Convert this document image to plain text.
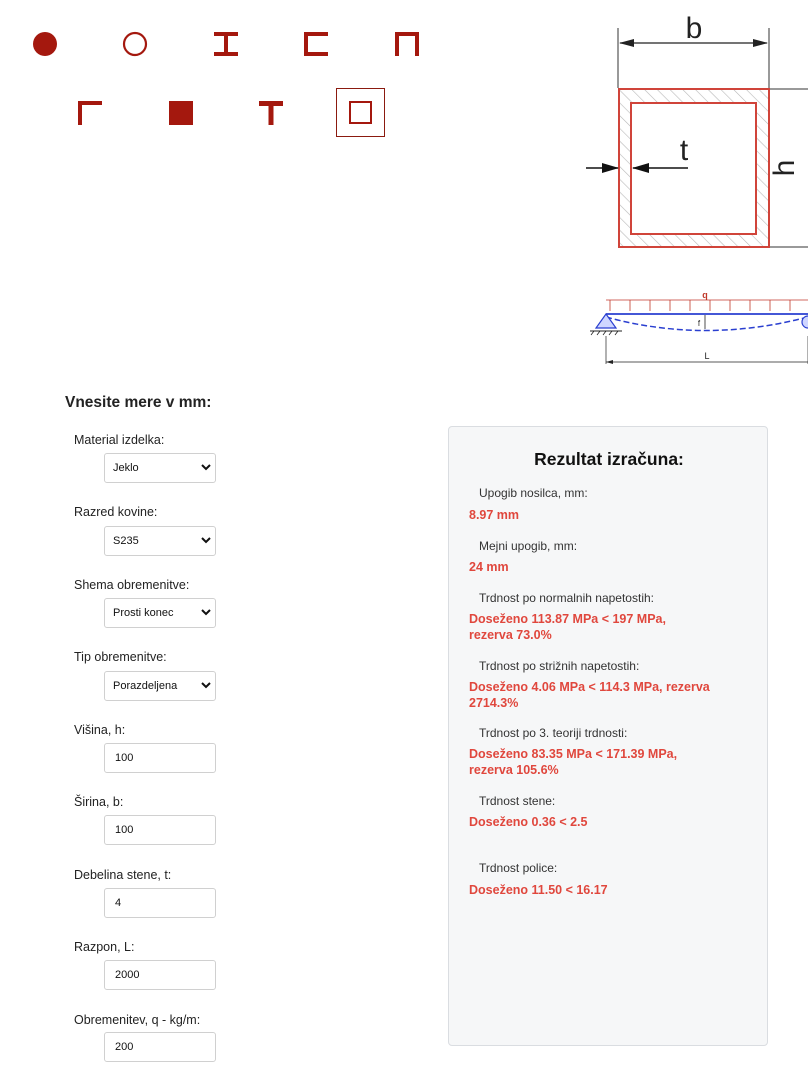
b
t
h
q
f
L
Vnesite mere v mm:
Material izdelka:
Jeklo
Razred kovine:
S235
Shema obremenitve:
Prosti konec
Tip obremenitve:
Porazdeljena
Višina, h:
100
Širina, b:
100
Debelina stene, t:
4
Razpon, L:
2000
Obremenitev, q - kg/m:
200
Rezultat izračuna:
Upogib nosilca, mm:
8.97 mm
Mejni upogib, mm:
24 mm
Trdnost po normalnih napetostih:
Doseženo 113.87 MPa < 197 MPa, rezerva 73.0%
Trdnost po strižnih napetostih:
Doseženo 4.06 MPa < 114.3 MPa, rezerva 2714.3%
Trdnost po 3. teoriji trdnosti:
Doseženo 83.35 MPa < 171.39 MPa, rezerva 105.6%
Trdnost stene:
Doseženo 0.36 < 2.5
Trdnost police:
Doseženo 11.50 < 16.17
